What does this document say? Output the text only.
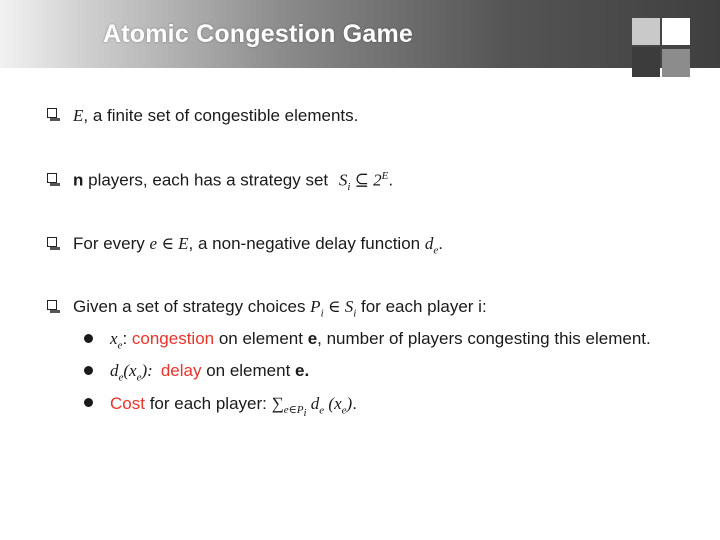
Atomic Congestion Game
E, a finite set of congestible elements.
n players, each has a strategy set $S_i$ ⊆ $2^E$.
For every e ∈ E, a non-negative delay function $d_e$.
Given a set of strategy choices $P_i$ ∈ $S_i$ for each player i:
$x_e$: congestion on element e, number of players congesting this element.
$d_e(x_e)$: delay on element e.
Cost for each player: $\sum_{e\in P_i}$ $d_e$ $(x_e)$.
